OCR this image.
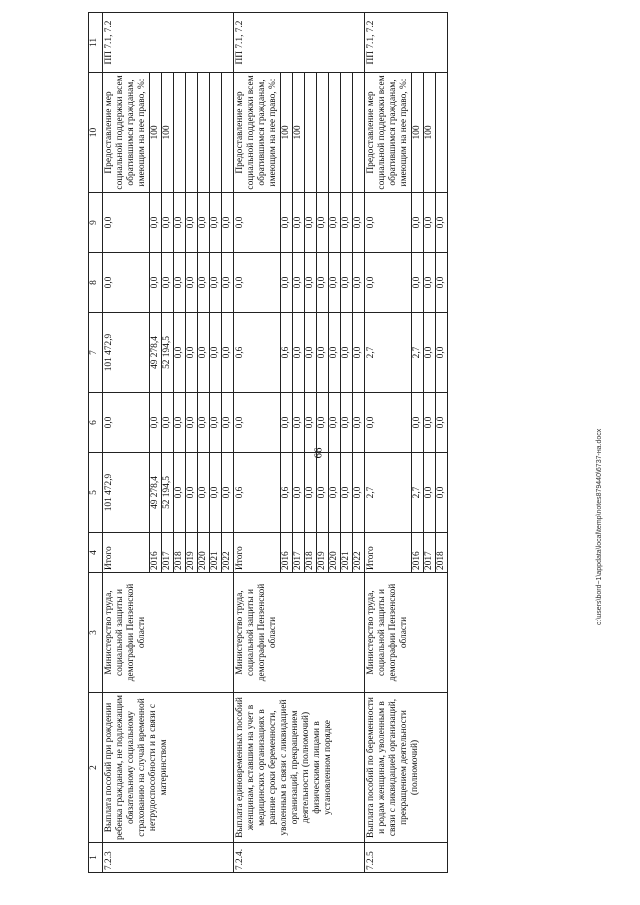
66
1	2	3	4	5	6	7	8	9	10	11
7.2.3	Выплата пособий при рождении ребенка гражданам, не подлежащим обязательному социальному страхованию на случай временной нетрудоспособности и в связи с материнством	Министерство труда, социальной защиты и демографии Пензенской области	Итого	101 472,9	0,0	101 472,9	0,0	0,0	Предоставление мер социальной поддержки всем обратившимся гражданам, имеющим на нее право, %:	ПП 7.1, 7.2
			2016	49 278,4	0,0	49 278,4	0,0	0,0	100	
			2017	52 194,5	0,0	52 194,5	0,0	0,0	100	
			2018	0,0	0,0	0,0	0,0	0,0		
			2019	0,0	0,0	0,0	0,0	0,0		
			2020	0,0	0,0	0,0	0,0	0,0		
			2021	0,0	0,0	0,0	0,0	0,0		
			2022	0,0	0,0	0,0	0,0	0,0		
7.2.4.	Выплата единовременных пособий женщинам, вставшим на учет в медицинских организациях в ранние сроки беременности, уволенным в связи с ликвидацией организаций, прекращением деятельности (полномочий) физическими лицами в установленном порядке	Министерство труда, социальной защиты и демографии Пензенской области	Итого	0,6	0,0	0,6	0,0	0,0	Предоставление мер социальной поддержки всем обратившимся гражданам, имеющим на нее право, %:	ПП 7.1, 7.2
			2016	0,6	0,0	0,6	0,0	0,0	100	
			2017	0,0	0,0	0,0	0,0	0,0	100	
			2018	0,0	0,0	0,0	0,0	0,0		
			2019	0,0	0,0	0,0	0,0	0,0		
			2020	0,0	0,0	0,0	0,0	0,0		
			2021	0,0	0,0	0,0	0,0	0,0		
			2022	0,0	0,0	0,0	0,0	0,0		
7.2.5	Выплата пособий по беременности и родам женщинам, уволенным в связи с ликвидацией организаций, прекращением деятельности (полномочий)	Министерство труда, социальной защиты и демографии Пензенской области	Итого	2,7	0,0	2,7	0,0	0,0	Предоставление мер социальной поддержки всем обратившимся гражданам, имеющим на нее право, %:	ПП 7.1, 7.2
			2016	2,7	0,0	2,7	0,0	0,0	100	
			2017	0,0	0,0	0,0	0,0	0,0	100	
			2018	0,0	0,0	0,0	0,0	0,0		
c:\users\bord~1\appdata\local\temp\notes879440\6737-на.docx
